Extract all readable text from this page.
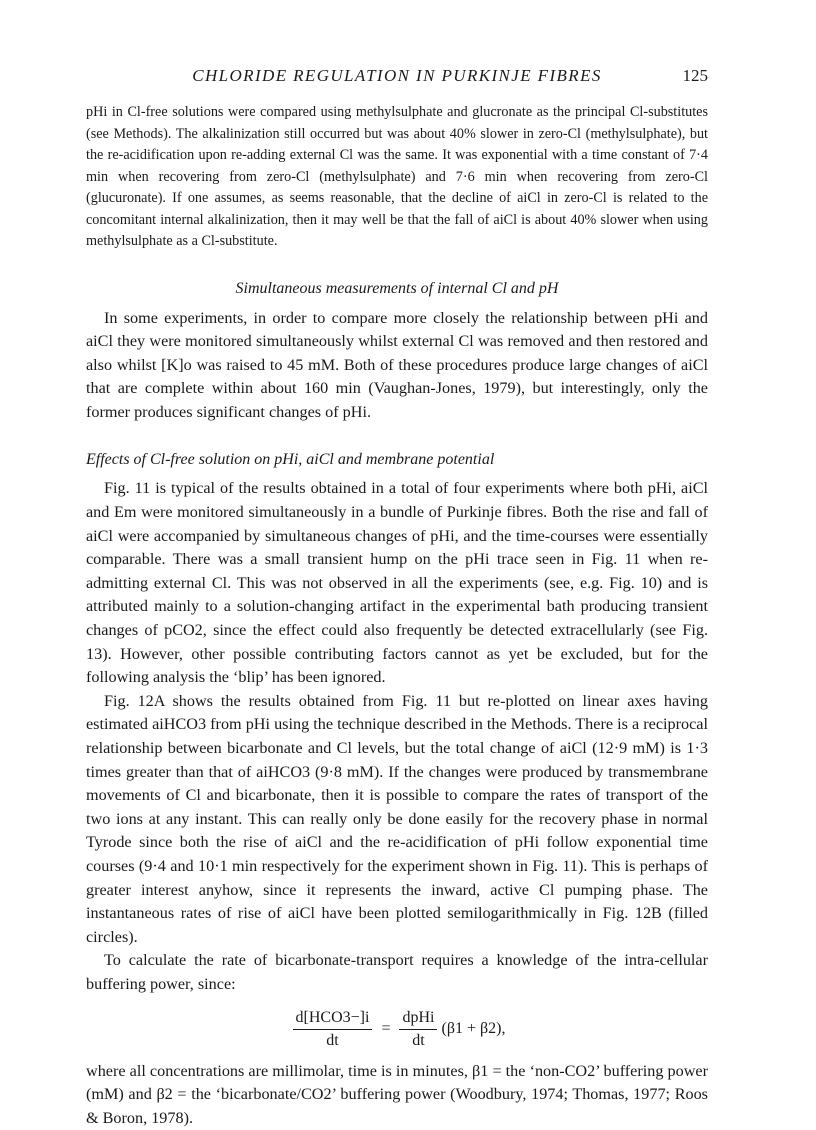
CHLORIDE REGULATION IN PURKINJE FIBRES	125

pHi in Cl-free solutions were compared using methylsulphate and glucronate as the principal Cl-substitutes (see Methods). The alkalinization still occurred but was about 40% slower in zero-Cl (methylsulphate), but the re-acidification upon re-adding external Cl was the same. It was exponential with a time constant of 7·4 min when recovering from zero-Cl (methylsulphate) and 7·6 min when recovering from zero-Cl (glucuronate). If one assumes, as seems reasonable, that the decline of aiCl in zero-Cl is related to the concomitant internal alkalinization, then it may well be that the fall of aiCl is about 40% slower when using methylsulphate as a Cl-substitute.

Simultaneous measurements of internal Cl and pH

In some experiments, in order to compare more closely the relationship between pHi and aiCl they were monitored simultaneously whilst external Cl was removed and then restored and also whilst [K]o was raised to 45 mM. Both of these procedures produce large changes of aiCl that are complete within about 160 min (Vaughan-Jones, 1979), but interestingly, only the former produces significant changes of pHi.

Effects of Cl-free solution on pHi, aiCl and membrane potential

Fig. 11 is typical of the results obtained in a total of four experiments where both pHi, aiCl and Em were monitored simultaneously in a bundle of Purkinje fibres. Both the rise and fall of aiCl were accompanied by simultaneous changes of pHi, and the time-courses were essentially comparable. There was a small transient hump on the pHi trace seen in Fig. 11 when re-admitting external Cl. This was not observed in all the experiments (see, e.g. Fig. 10) and is attributed mainly to a solution-changing artifact in the experimental bath producing transient changes of pCO2, since the effect could also frequently be detected extracellularly (see Fig. 13). However, other possible contributing factors cannot as yet be excluded, but for the following analysis the ‘blip’ has been ignored.

Fig. 12A shows the results obtained from Fig. 11 but re-plotted on linear axes having estimated aiHCO3 from pHi using the technique described in the Methods. There is a reciprocal relationship between bicarbonate and Cl levels, but the total change of aiCl (12·9 mM) is 1·3 times greater than that of aiHCO3 (9·8 mM). If the changes were produced by transmembrane movements of Cl and bicarbonate, then it is possible to compare the rates of transport of the two ions at any instant. This can really only be done easily for the recovery phase in normal Tyrode since both the rise of aiCl and the re-acidification of pHi follow exponential time courses (9·4 and 10·1 min respectively for the experiment shown in Fig. 11). This is perhaps of greater interest anyhow, since it represents the inward, active Cl pumping phase. The instantaneous rates of rise of aiCl have been plotted semilogarithmically in Fig. 12B (filled circles).

To calculate the rate of bicarbonate-transport requires a knowledge of the intra-cellular buffering power, since:

$\frac{\text{d[HCO3−]i}}{dt} = \frac{\text{dpHi}}{dt} (\beta 1 + \beta 2)$,

where all concentrations are millimolar, time is in minutes, β1 = the ‘non-CO2’ buffering power (mM) and β2 = the ‘bicarbonate/CO2’ buffering power (Woodbury, 1974; Thomas, 1977; Roos & Boron, 1978).
